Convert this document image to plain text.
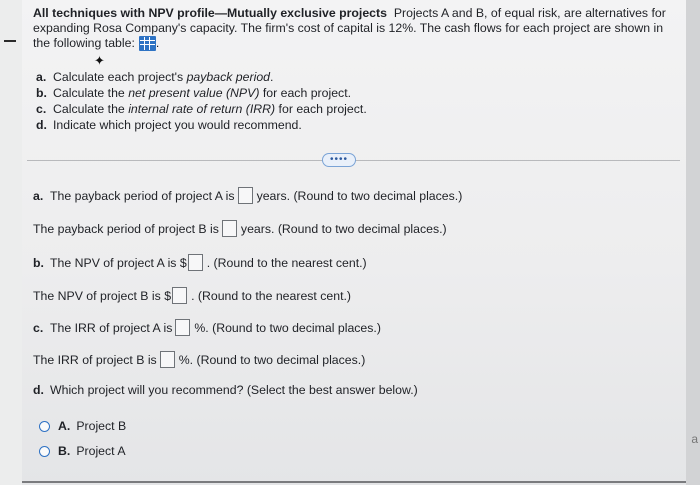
a
All techniques with NPV profile—Mutually exclusive projects Projects A and B, of equal risk, are alternatives for
expanding Rosa Company's capacity. The firm's cost of capital is 12%. The cash flows for each project are shown in
the following table: .
✦
a. Calculate each project's payback period.
b. Calculate the net present value (NPV) for each project.
c. Calculate the internal rate of return (IRR) for each project.
d. Indicate which project you would recommend.
••••
a. The payback period of project A is years. (Round to two decimal places.)
The payback period of project B is years. (Round to two decimal places.)
b. The NPV of project A is $ . (Round to the nearest cent.)
The NPV of project B is $ . (Round to the nearest cent.)
c. The IRR of project A is %. (Round to two decimal places.)
The IRR of project B is %. (Round to two decimal places.)
d. Which project will you recommend? (Select the best answer below.)
A. Project B
B. Project A
